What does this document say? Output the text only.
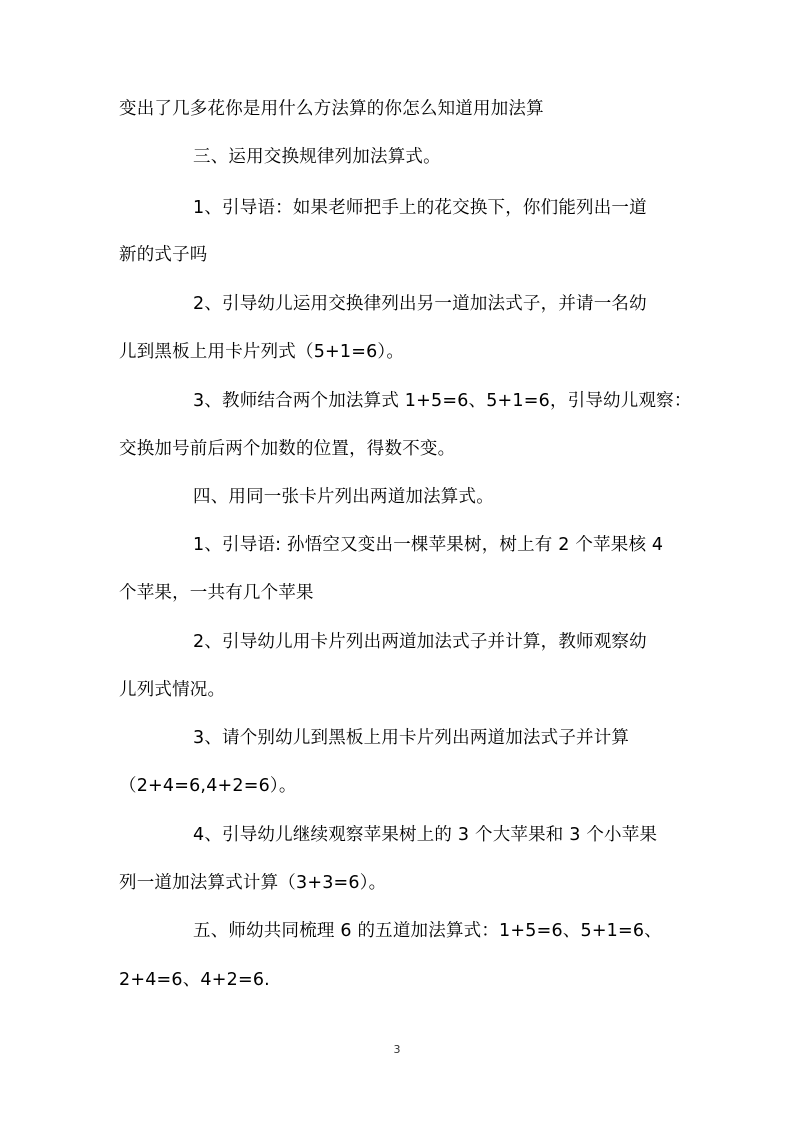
变出了几多花你是用什么方法算的你怎么知道用加法算
三、运用交换规律列加法算式。
1、引导语：如果老师把手上的花交换下，你们能列出一道
新的式子吗
2、引导幼儿运用交换律列出另一道加法式子，并请一名幼
儿到黑板上用卡片列式（5+1=6）。
3、教师结合两个加法算式 1+5=6、5+1=6，引导幼儿观察：
交换加号前后两个加数的位置，得数不变。
四、用同一张卡片列出两道加法算式。
1、引导语: 孙悟空又变出一棵苹果树，树上有 2 个苹果核 4
个苹果，一共有几个苹果
2、引导幼儿用卡片列出两道加法式子并计算，教师观察幼
儿列式情况。
3、请个别幼儿到黑板上用卡片列出两道加法式子并计算
（2+4=6,4+2=6）。
4、引导幼儿继续观察苹果树上的 3 个大苹果和 3 个小苹果
列一道加法算式计算（3+3=6）。
五、师幼共同梳理 6 的五道加法算式：1+5=6、5+1=6、
2+4=6、4+2=6.
3
